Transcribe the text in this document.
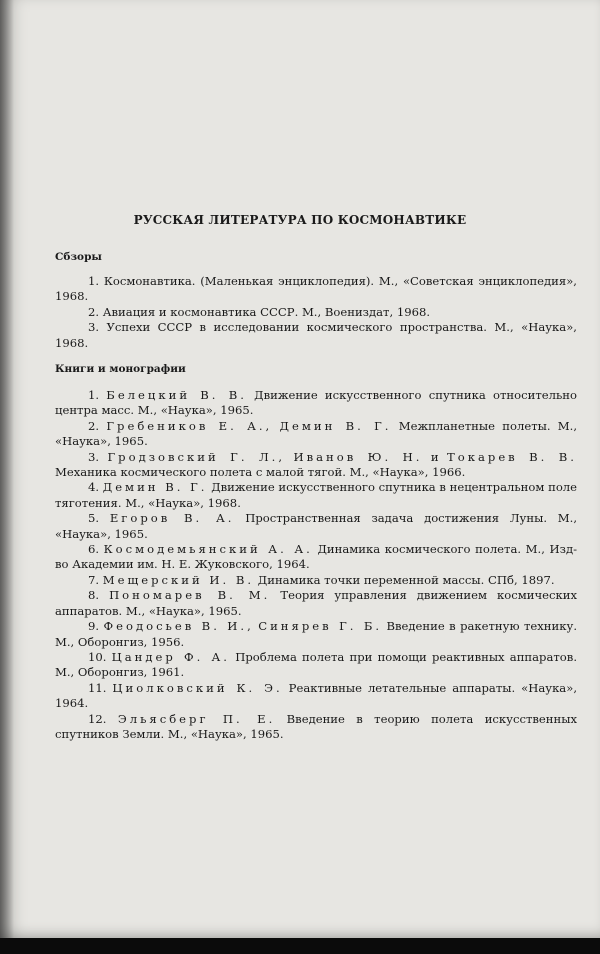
РУССКАЯ ЛИТЕРАТУРА ПО КОСМОНАВТИКЕ
Сбзоры

1. Космонавтика. (Маленькая энциклопедия). М., «Советская энциклопедия», 1968.

2. Авиация и космонавтика СССР. М., Воениздат, 1968.

3. Успехи СССР в исследовании космического пространства. М., «Наука», 1968.

Книги и монографии

1. Белецкий В. В. Движение искусственного спутника относительно центра масс. М., «Наука», 1965.

2. Гребеников Е. А., Демин В. Г. Межпланетные полеты. М., «Наука», 1965.

3. Гродзовский Г. Л., Иванов Ю. Н. и Токарев В. В. Механика космического полета с малой тягой. М., «Наука», 1966.

4. Демин В. Г. Движение искусственного спутника в нецентральном поле тяготения. М., «Наука», 1968.

5. Егоров В. А. Пространственная задача достижения Луны. М., «Наука», 1965.

6. Космодемьянский А. А. Динамика космического полета. М., Изд-во Академии им. Н. Е. Жуковского, 1964.

7. Мещерский И. В. Динамика точки переменной массы. СПб, 1897.

8. Пономарев В. М. Теория управления движением космических аппаратов. М., «Наука», 1965.

9. Феодосьев В. И., Синярев Г. Б. Введение в ракетную технику. М., Оборонгиз, 1956.

10. Цандер Ф. А. Проблема полета при помощи реактивных аппаратов. М., Оборонгиз, 1961.

11. Циолковский К. Э. Реактивные летательные аппараты. «Наука», 1964.

12. Эльясберг П. Е. Введение в теорию полета искусственных спутников Земли. М., «Наука», 1965.
